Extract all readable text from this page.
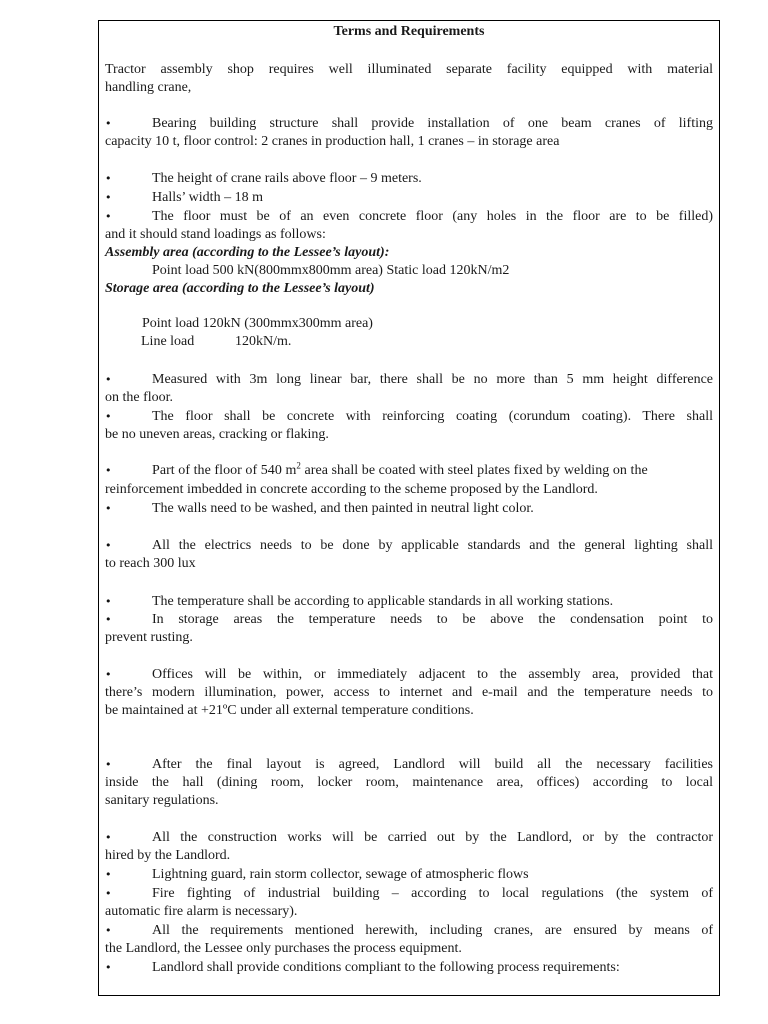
Terms and Requirements

Tractor assembly shop requires well illuminated separate facility equipped with material

handling crane,

•	Bearing building structure shall provide installation of one beam cranes of lifting

capacity 10 t, floor control: 2 cranes in production hall, 1 cranes – in storage area

•	The height of crane rails above floor – 9 meters.

•	Halls’ width – 18 m

•	The floor must be of an even concrete floor (any holes in the floor are to be filled)

and it should stand loadings as follows:

Assembly area (according to the Lessee’s layout):

Point load 500 kN(800mmx800mm area) Static load 120kN/m2

Storage area (according to the Lessee’s layout)

Point load 120kN (300mmx300mm area)

Line load	120kN/m.

•	Measured with 3m long linear bar, there shall be no more than 5 mm height difference

on the floor.

•	The floor shall be concrete with reinforcing coating (corundum coating). There shall

be no uneven areas, cracking or flaking.

•	Part of the floor of 540 $m^2$ area shall be coated with steel plates fixed by welding on the

reinforcement imbedded in concrete according to the scheme proposed by the Landlord.

•	The walls need to be washed, and then painted in neutral light color.

•	All the electrics needs to be done by applicable standards and the general lighting shall

to reach 300 lux

•	The temperature shall be according to applicable standards in all working stations.

•	In storage areas the temperature needs to be above the condensation point to

prevent rusting.

•	Offices will be within, or immediately adjacent to the assembly area, provided that

there’s modern illumination, power, access to internet and e-mail and the temperature needs to

be maintained at +21ºC under all external temperature conditions.

•	After the final layout is agreed, Landlord will build all the necessary facilities

inside the hall (dining room, locker room, maintenance area, offices) according to local

sanitary regulations.

•	All the construction works will be carried out by the Landlord, or by the contractor

hired by the Landlord.

•	Lightning guard, rain storm collector, sewage of atmospheric flows

•	Fire fighting of industrial building – according to local regulations (the system of

automatic fire alarm is necessary).

•	All the requirements mentioned herewith, including cranes, are ensured by means of

the Landlord, the Lessee only purchases the process equipment.

•	Landlord shall provide conditions compliant to the following process requirements:
